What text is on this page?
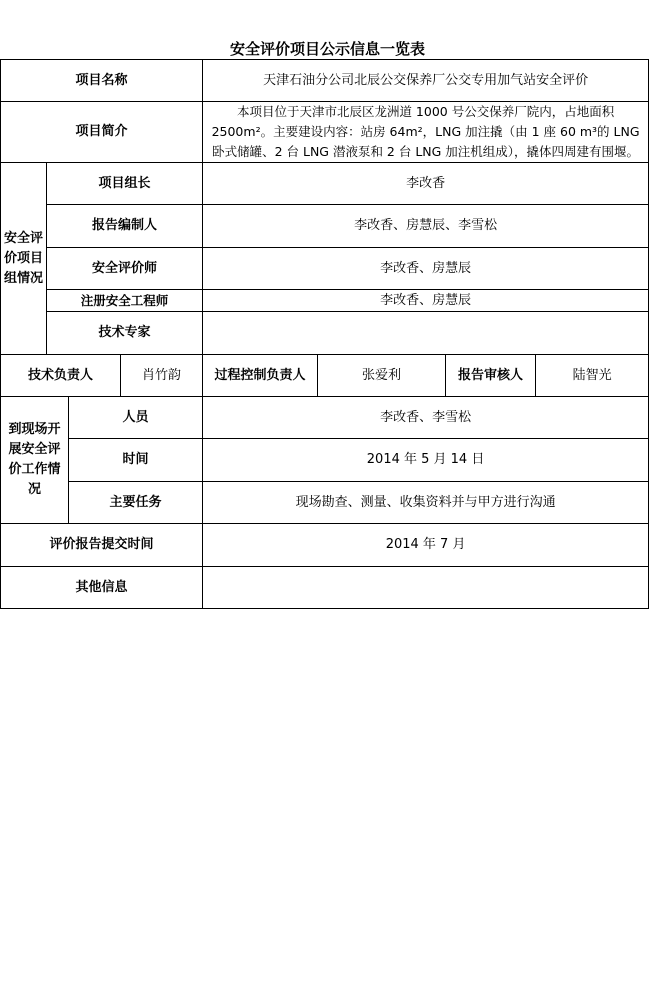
安全评价项目公示信息一览表
项目名称				天津石油分公司北辰公交保养厂公交专用加气站安全评价			
项目简介				本项目位于天津市北辰区龙洲道 1000 号公交保养厂院内，占地面积 2500m²。主要建设内容：站房 64m²，LNG 加注撬（由 1 座 60 m³的 LNG 卧式储罐、2 台 LNG 潜液泵和 2 台 LNG 加注机组成），撬体四周建有围堰。			
安全评价项目组情况	项目组长			李改香			
	报告编制人			李改香、房慧辰、李雪松			
	安全评价师			李改香、房慧辰			
	注册安全工程师			李改香、房慧辰			
	技术专家						
技术负责人			肖竹韵	过程控制负责人	张爱利	报告审核人	陆智光
到现场开展安全评价工作情况		人员		李改香、李雪松			
		时间		2014 年 5 月 14 日			
		主要任务		现场勘查、测量、收集资料并与甲方进行沟通			
评价报告提交时间				2014 年 7 月			
其他信息							
